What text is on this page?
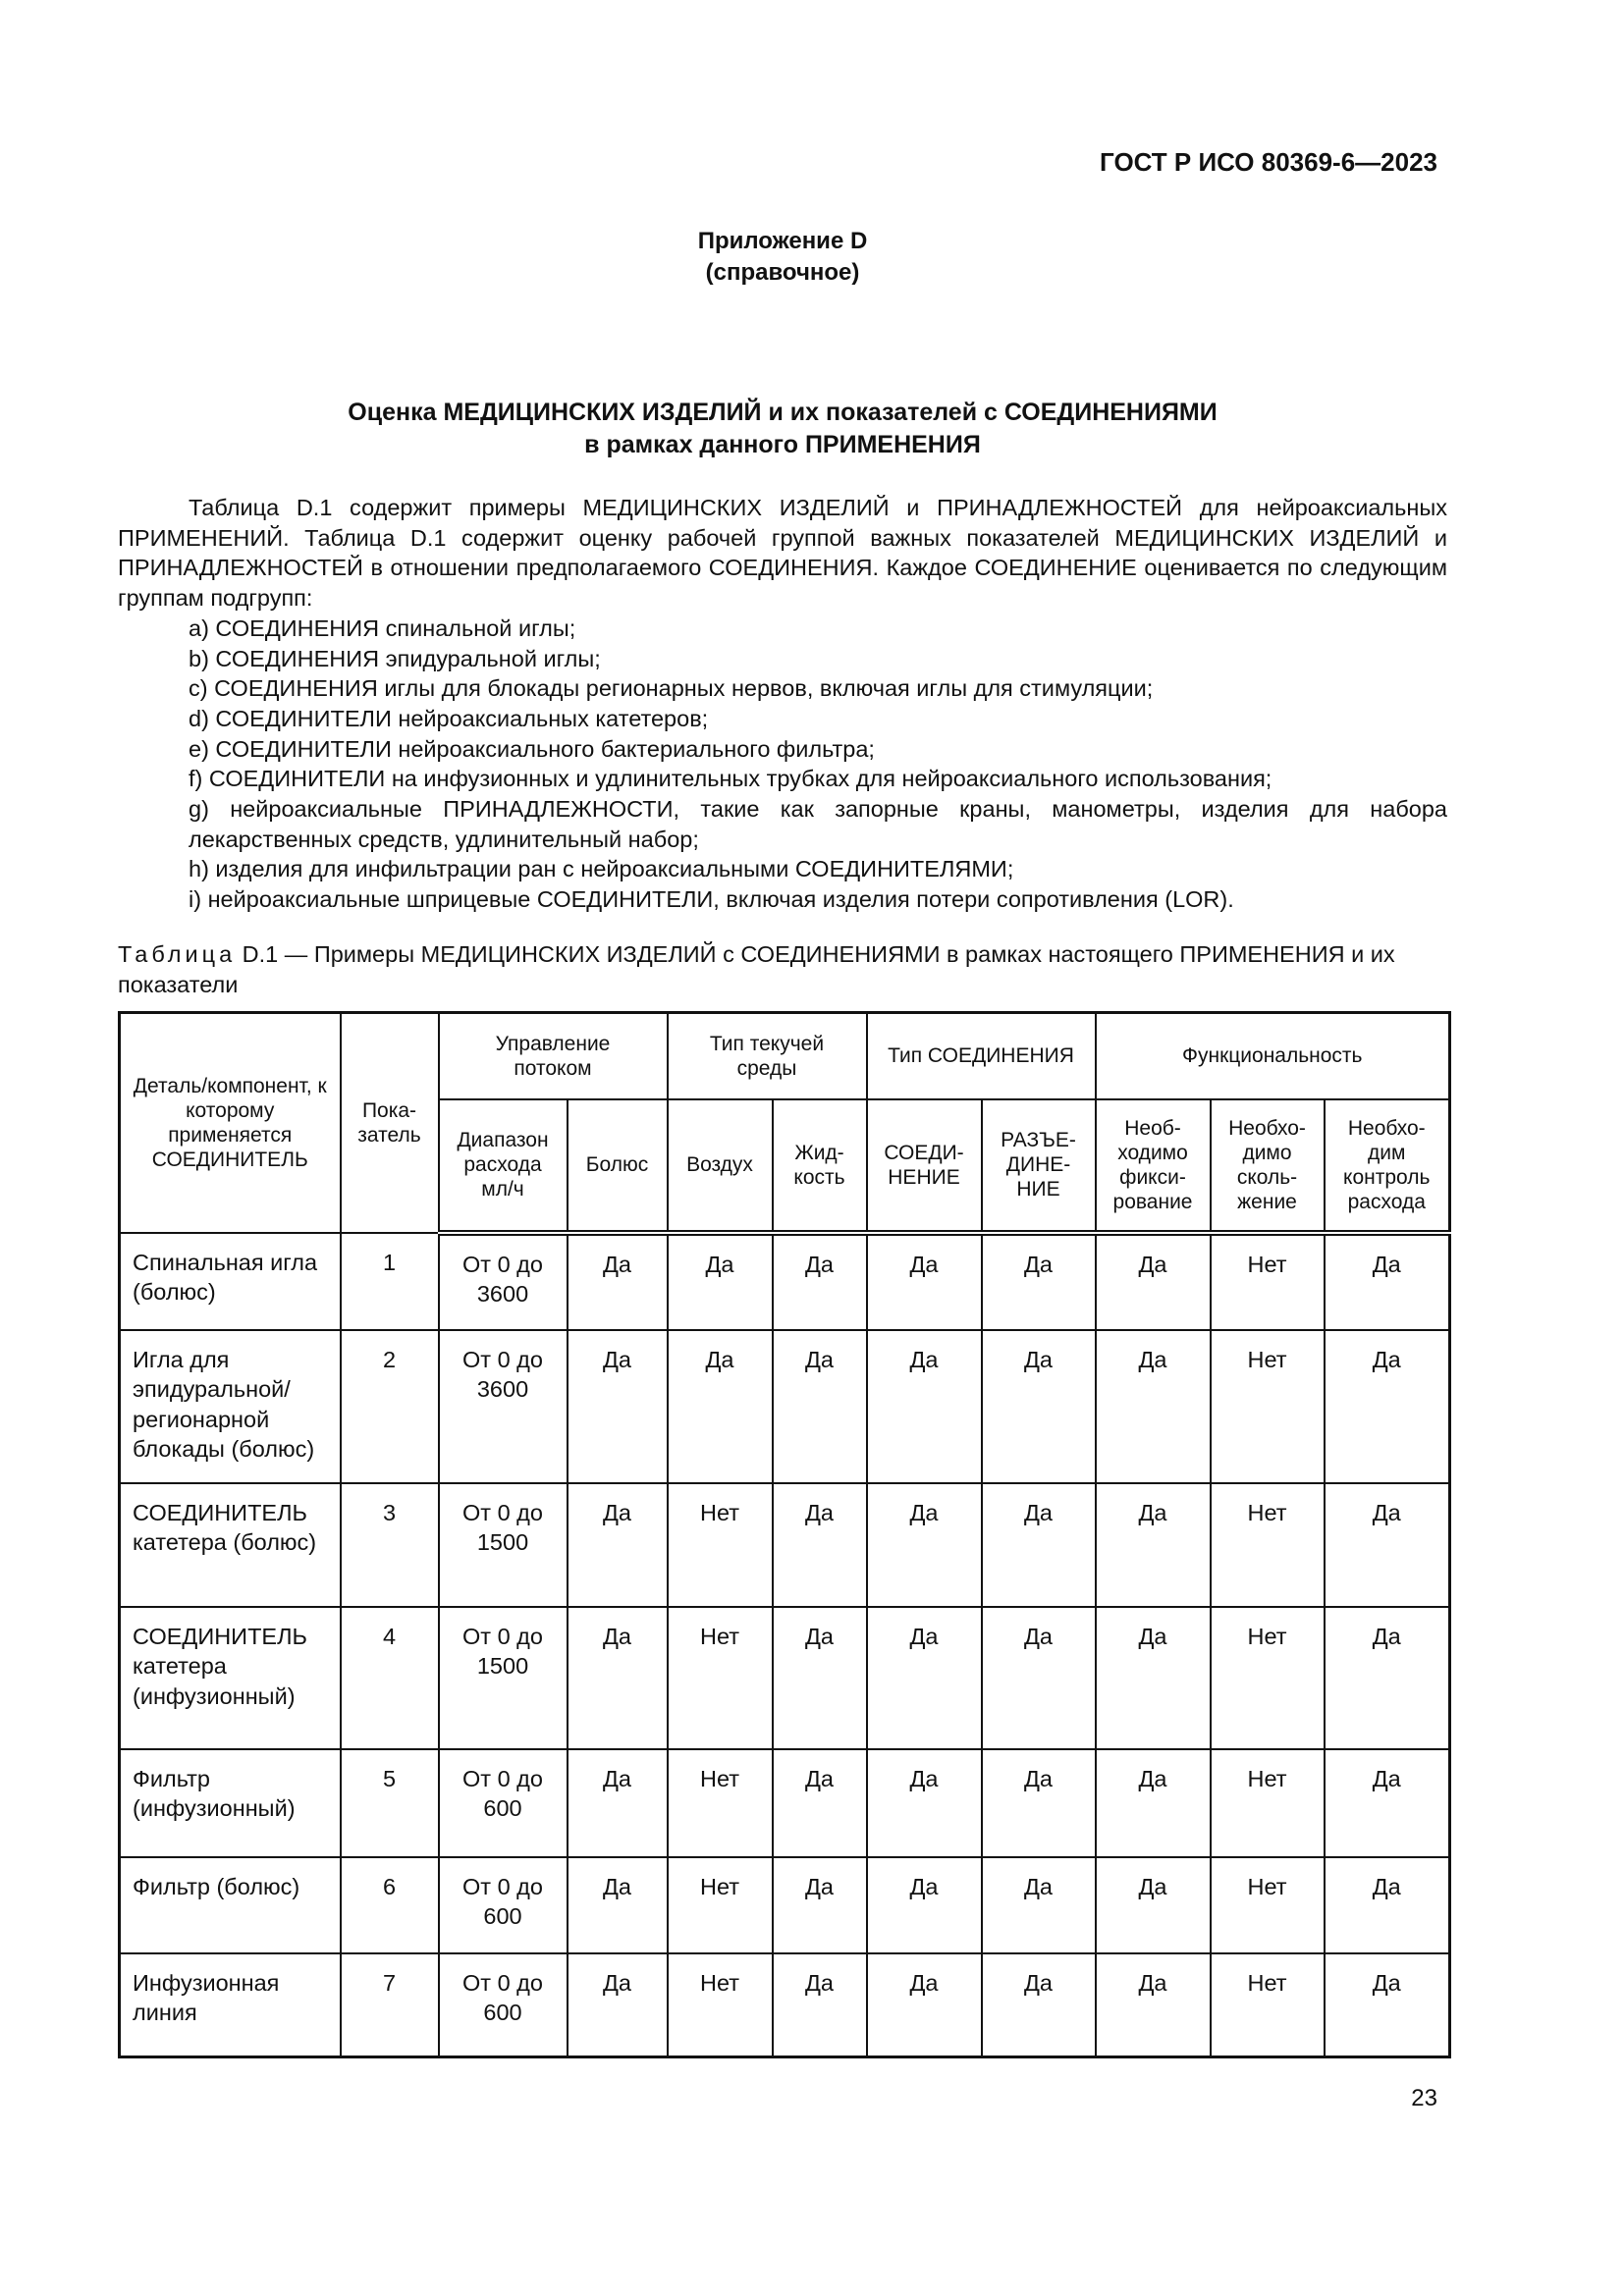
ГОСТ Р ИСО 80369-6—2023
Приложение D
(справочное)
Оценка МЕДИЦИНСКИХ ИЗДЕЛИЙ и их показателей с СОЕДИНЕНИЯМИ
в рамках данного ПРИМЕНЕНИЯ

Таблица D.1 содержит примеры МЕДИЦИНСКИХ ИЗДЕЛИЙ и ПРИНАДЛЕЖНОСТЕЙ для нейроаксиальных ПРИМЕНЕНИЙ. Таблица D.1 содержит оценку рабочей группой важных показателей МЕДИЦИНСКИХ ИЗДЕЛИЙ и ПРИНАДЛЕЖНОСТЕЙ в отношении предполагаемого СОЕДИНЕНИЯ. Каждое СОЕДИНЕНИЕ оценивается по следующим группам подгрупп:

a) СОЕДИНЕНИЯ спинальной иглы;
b) СОЕДИНЕНИЯ эпидуральной иглы;
c) СОЕДИНЕНИЯ иглы для блокады регионарных нервов, включая иглы для стимуляции;
d) СОЕДИНИТЕЛИ нейроаксиальных катетеров;
e) СОЕДИНИТЕЛИ нейроаксиального бактериального фильтра;
f) СОЕДИНИТЕЛИ на инфузионных и удлинительных трубках для нейроаксиального использования;
g) нейроаксиальные ПРИНАДЛЕЖНОСТИ, такие как запорные краны, манометры, изделия для набора лекарственных средств, удлинительный набор;
h) изделия для инфильтрации ран с нейроаксиальными СОЕДИНИТЕЛЯМИ;
i) нейроаксиальные шприцевые СОЕДИНИТЕЛИ, включая изделия потери сопротивления (LOR).
Таблица D.1 — Примеры МЕДИЦИНСКИХ ИЗДЕЛИЙ с СОЕДИНЕНИЯМИ в рамках настоящего ПРИМЕНЕНИЯ и их показатели
Деталь/компонент, к которому применяется СОЕДИНИТЕЛЬ	Пока-затель	Управление потоком		Тип текучей среды		Тип СОЕДИНЕНИЯ		Функциональность		
		Диапазон расхода мл/ч	Болюс	Воздух	Жид-кость	СОЕДИ-НЕНИЕ	РАЗЪЕ-ДИНЕ-НИЕ	Необ-ходимо фикси-рование	Необхо-димо сколь-жение	Необхо-дим контроль расхода
Спинальная игла (болюс)	1	От 0 до 3600	Да	Да	Да	Да	Да	Да	Нет	Да
Игла для эпидуральной/ регионарной блокады (болюс)	2	От 0 до 3600	Да	Да	Да	Да	Да	Да	Нет	Да
СОЕДИНИТЕЛЬ катетера (болюс)	3	От 0 до 1500	Да	Нет	Да	Да	Да	Да	Нет	Да
СОЕДИНИТЕЛЬ катетера (инфузионный)	4	От 0 до 1500	Да	Нет	Да	Да	Да	Да	Нет	Да
Фильтр (инфузионный)	5	От 0 до 600	Да	Нет	Да	Да	Да	Да	Нет	Да
Фильтр (болюс)	6	От 0 до 600	Да	Нет	Да	Да	Да	Да	Нет	Да
Инфузионная линия	7	От 0 до 600	Да	Нет	Да	Да	Да	Да	Нет	Да
23
